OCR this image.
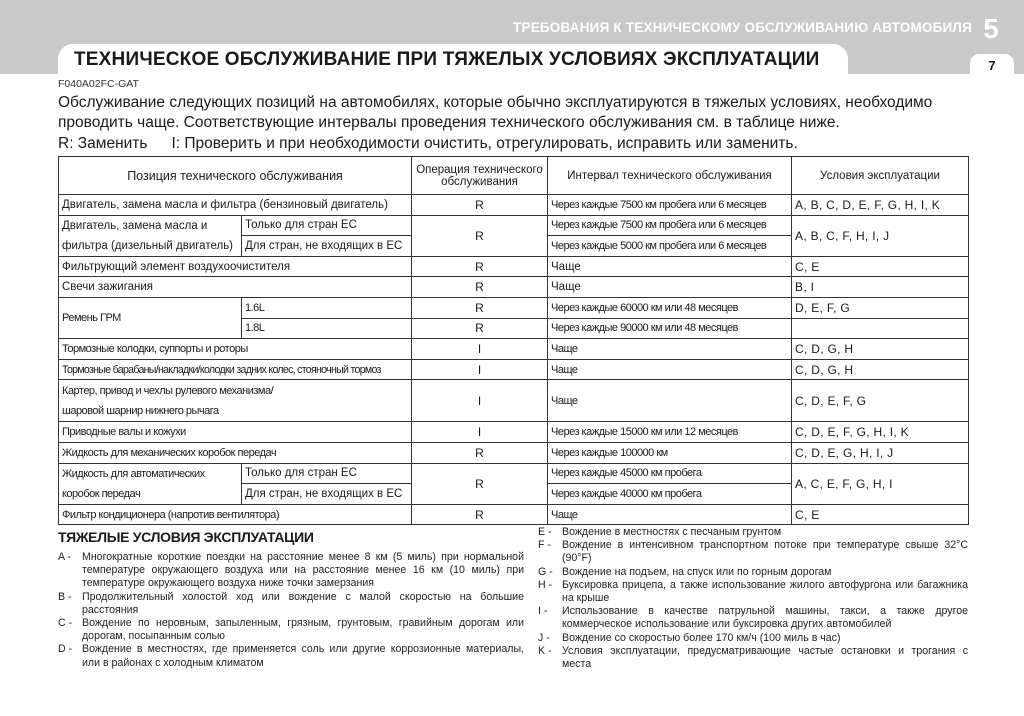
ТРЕБОВАНИЯ К ТЕХНИЧЕСКОМУ ОБСЛУЖИВАНИЮ АВТОМОБИЛЯ 5
7
ТЕХНИЧЕСКОЕ ОБСЛУЖИВАНИЕ ПРИ ТЯЖЕЛЫХ УСЛОВИЯХ ЭКСПЛУАТАЦИИ
F040A02FC-GAT
Обслуживание следующих позиций на автомобилях, которые обычно эксплуатируются в тяжелых условиях, необходимо проводить чаще. Соответствующие интервалы проведения технического обслуживания см. в таблице ниже.
R: Заменить I: Проверить и при необходимости очистить, отрегулировать, исправить или заменить.
Позиция технического обслуживания		Операция технического обслуживания	Интервал технического обслуживания	Условия эксплуатации
Двигатель, замена масла и фильтра (бензиновый двигатель)		R	Через каждые 7500 км пробега или 6 месяцев	A, B, C, D, E, F, G, H, I, K
Двигатель, замена масла и фильтра (дизельный двигатель)	Только для стран ЕС	R	Через каждые 7500 км пробега или 6 месяцев	A, B, C, F, H, I, J
	Для стран, не входящих в ЕС		Через каждые 5000 км пробега или 6 месяцев	
Фильтрующий элемент воздухоочистителя		R	Чаще	C, E
Свечи зажигания		R	Чаще	B, I
Ремень ГРМ	1.6L	R	Через каждые 60000 км или 48 месяцев	D, E, F, G
	1.8L	R	Через каждые 90000 км или 48 месяцев	
Тормозные колодки, суппорты и роторы		I	Чаще	C, D, G, H
Тормозные барабаны/накладки/колодки задних колес, стояночный тормоз		I	Чаще	C, D, G, H
Картер, привод и чехлы рулевого механизма/ шаровой шарнир нижнего рычага		I	Чаще	C, D, E, F, G
Приводные валы и кожухи		I	Через каждые 15000 км или 12 месяцев	C, D, E, F, G, H, I, K
Жидкость для механических коробок передач		R	Через каждые 100000 км	C, D, E, G, H, I, J
Жидкость для автоматических коробок передач	Только для стран ЕС	R	Через каждые 45000 км пробега	A, C, E, F, G, H, I
	Для стран, не входящих в ЕС		Через каждые 40000 км пробега	
Фильтр кондиционера (напротив вентилятора)		R	Чаще	C, E
ТЯЖЕЛЫЕ УСЛОВИЯ ЭКСПЛУАТАЦИИ
A -	Многократные короткие поездки на расстояние менее 8 км (5 миль) при нормальной температуре окружающего воздуха или на расстояние менее 16 км (10 миль) при температуре окружающего воздуха ниже точки замерзания
B - Продолжительный холостой ход или вождение с малой скоростью на большие расстояния
C - Вождение по неровным, запыленным, грязным, грунтовым, гравийным дорогам или дорогам, посыпанным солью
D - Вождение в местностях, где применяется соль или другие коррозионные материалы, или в районах с холодным климатом
E - Вождение в местностях с песчаным грунтом
F -	Вождение в интенсивном транспортном потоке при температуре свыше 32°C (90°F)
G - Вождение на подъем, на спуск или по горным дорогам
H - Буксировка прицепа, а также использование жилого автофургона или багажника на крыше
I -	Использование в качестве патрульной машины, такси, а также другое коммерческое использование или буксировка других автомобилей
J -	Вождение со скоростью более 170 км/ч (100 миль в час)
K - Условия эксплуатации, предусматривающие частые остановки и трогания с места
